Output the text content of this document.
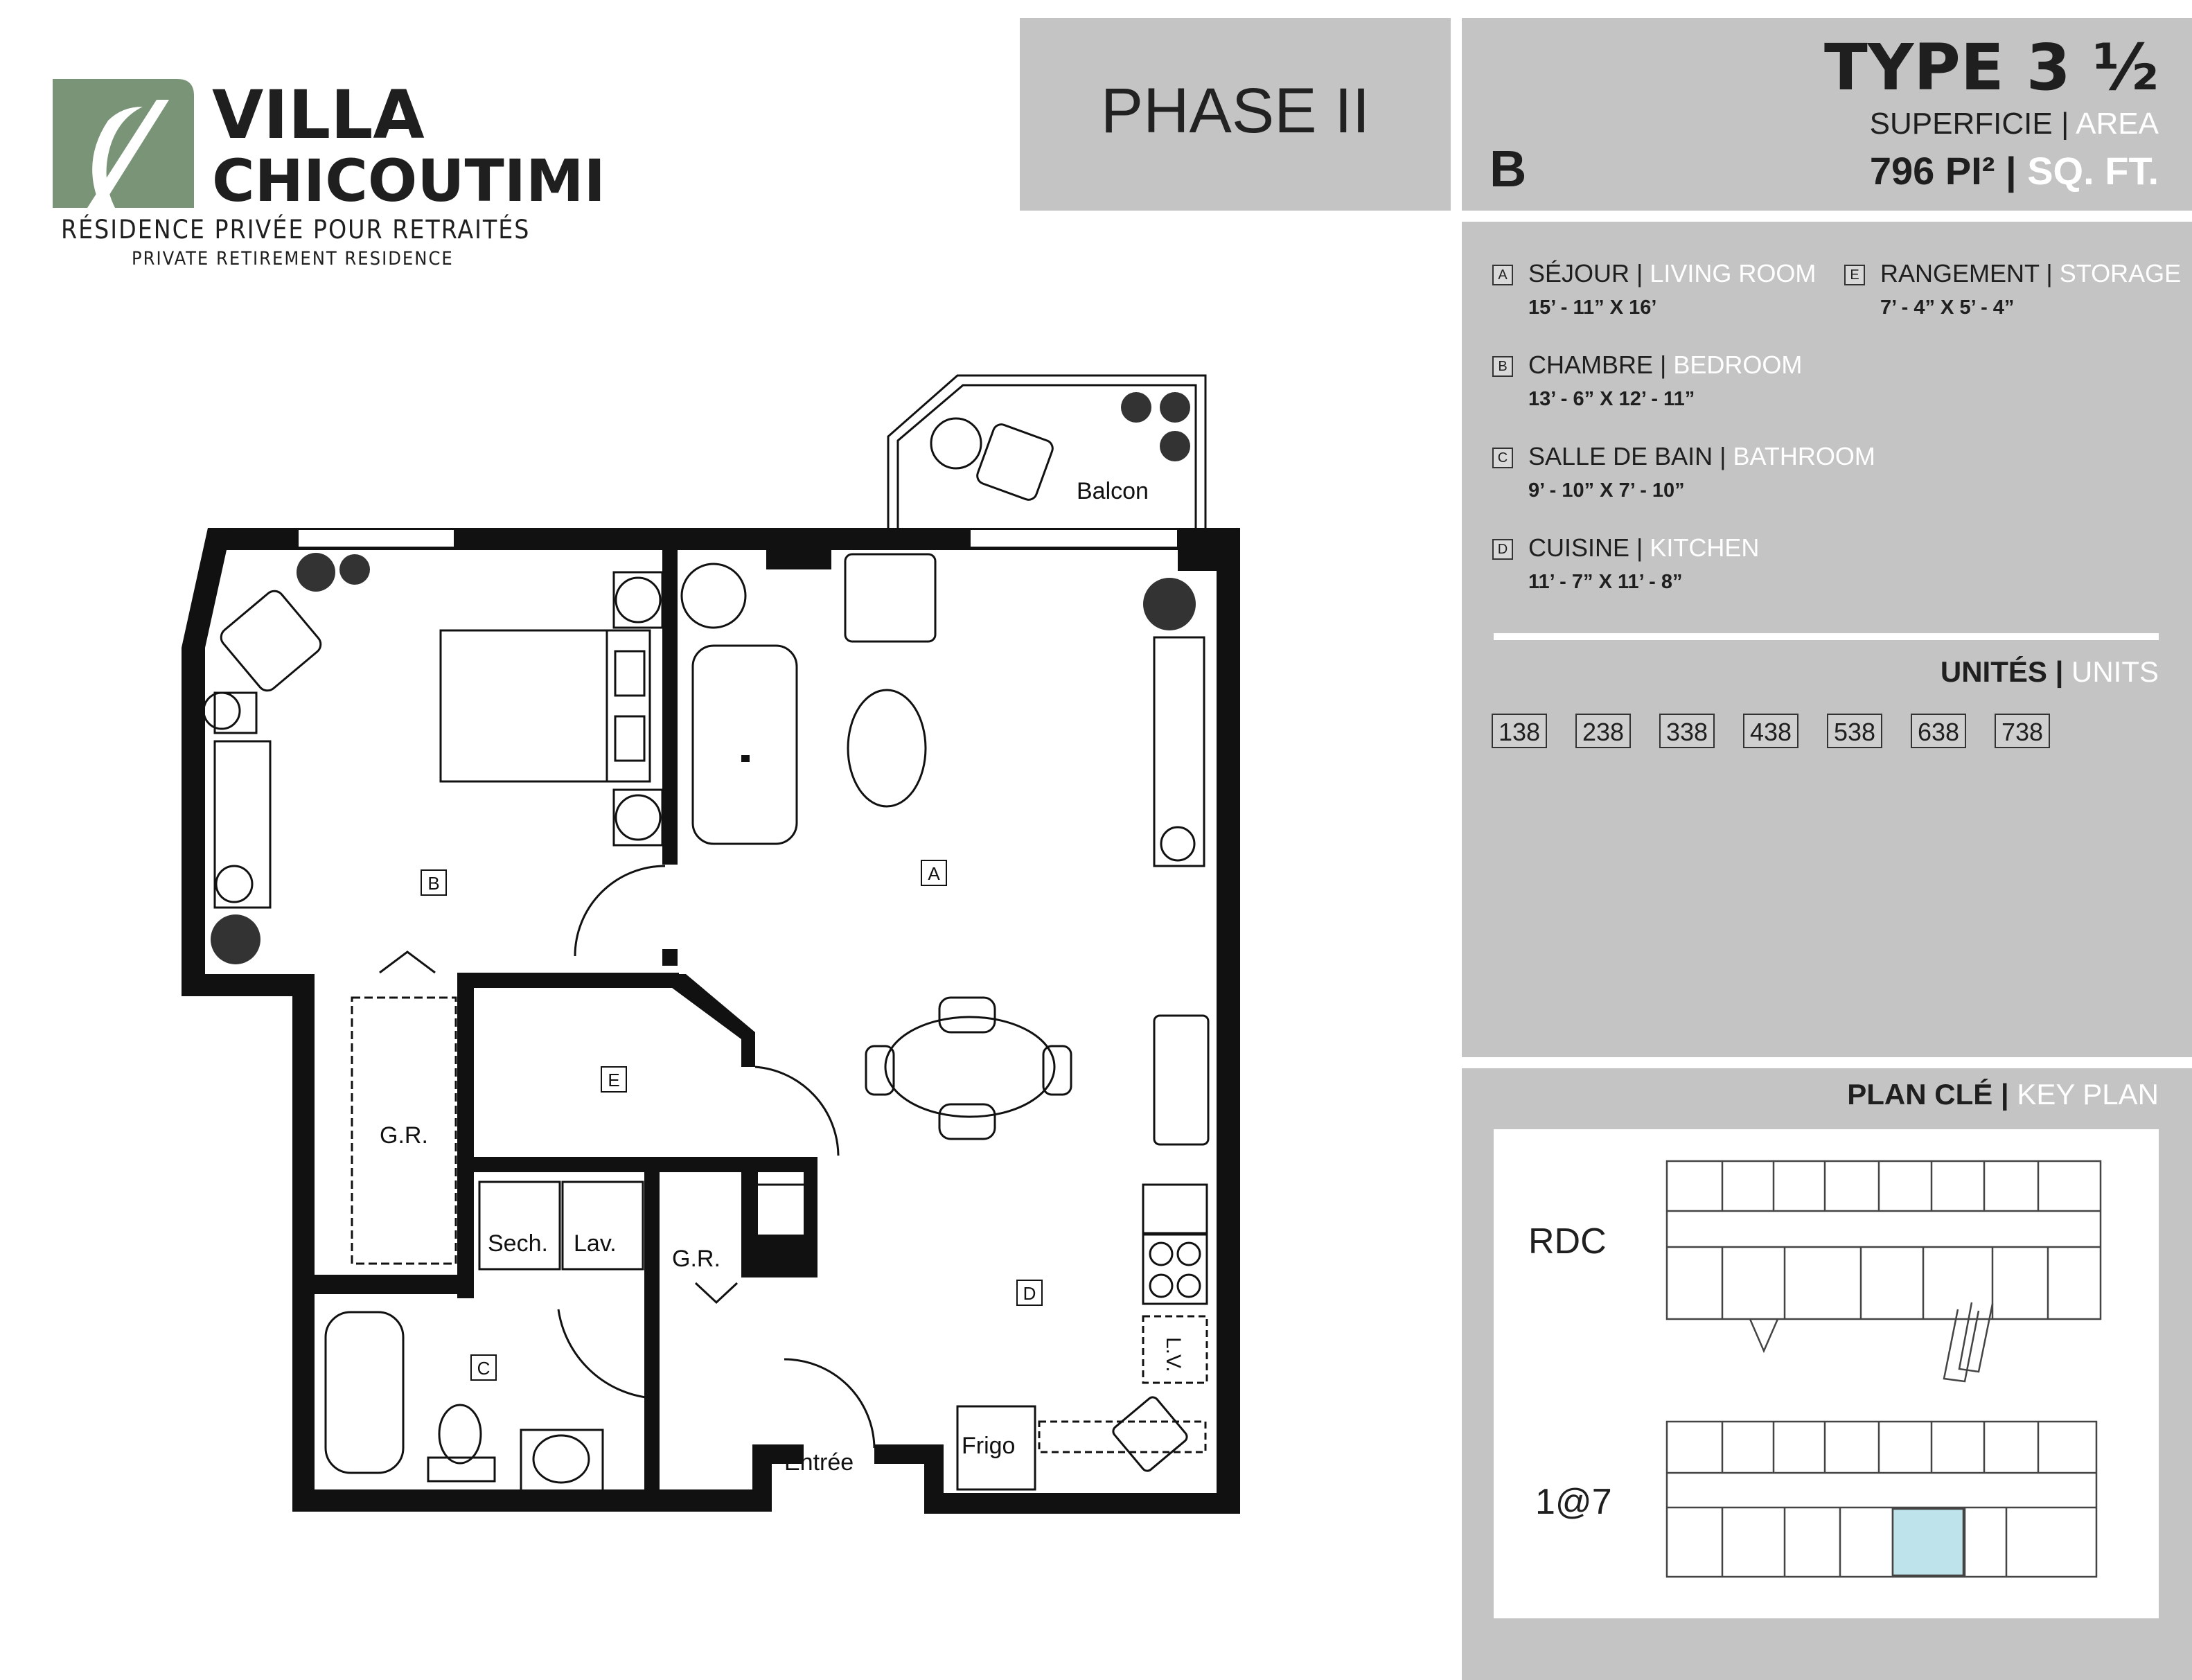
VILLA
CHICOUTIMI
RÉSIDENCE PRIVÉE POUR RETRAITÉS
PRIVATE RETIREMENT RESIDENCE
PHASE II
B
TYPE 3 ½
SUPERFICIE | AREA
796 PI² | SQ. FT.
A SÉJOUR | LIVING ROOM
15’ - 11” X 16’
B CHAMBRE | BEDROOM
13’ - 6” X 12’ - 11”
C SALLE DE BAIN | BATHROOM
9’ - 10” X 7’ - 10”
D CUISINE | KITCHEN
11’ - 7” X 11’ - 8”
E RANGEMENT | STORAGE
7’ - 4” X 5’ - 4”
UNITÉS | UNITS
138 238 338 438 538 638 738
PLAN CLÉ | KEY PLAN
RDC
1@7
Balcon
G.R.
Sech. Lav.
G.R.
Frigo
Entrée
L.V.
A
B
C
D
E
